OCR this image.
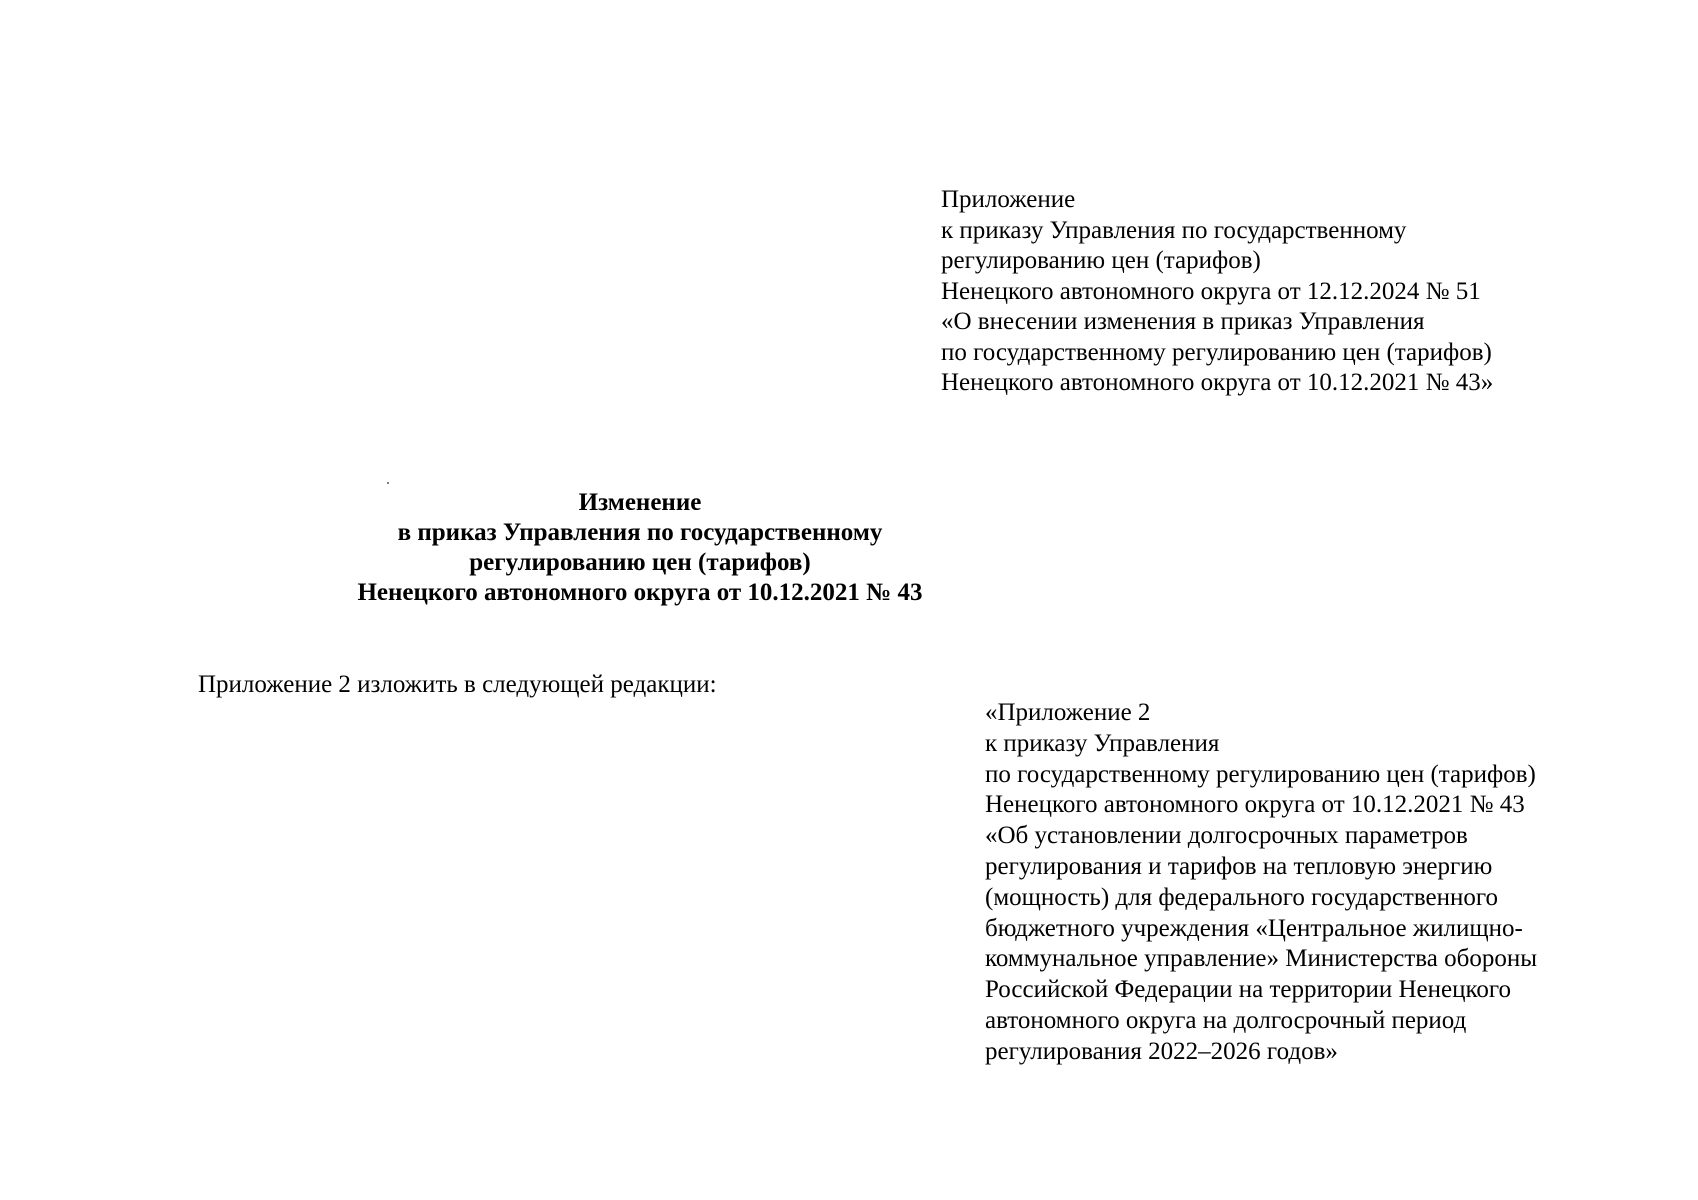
Приложение
к приказу Управления по государственному
регулированию цен (тарифов)
Ненецкого автономного округа от 12.12.2024 № 51
«О внесении изменения в приказ Управления
по государственному регулированию цен (тарифов)
Ненецкого автономного округа от 10.12.2021 № 43»
Изменение
в приказ Управления по государственному
регулированию цен (тарифов)
Ненецкого автономного округа от 10.12.2021 № 43
Приложение 2 изложить в следующей редакции:
«Приложение 2
к приказу Управления
по государственному регулированию цен (тарифов)
Ненецкого автономного округа от 10.12.2021 № 43
«Об установлении долгосрочных параметров
регулирования и тарифов на тепловую энергию
(мощность) для федерального государственного
бюджетного учреждения «Центральное жилищно-
коммунальное управление» Министерства обороны
Российской Федерации на территории Ненецкого
автономного округа на долгосрочный период
регулирования 2022–2026 годов»
